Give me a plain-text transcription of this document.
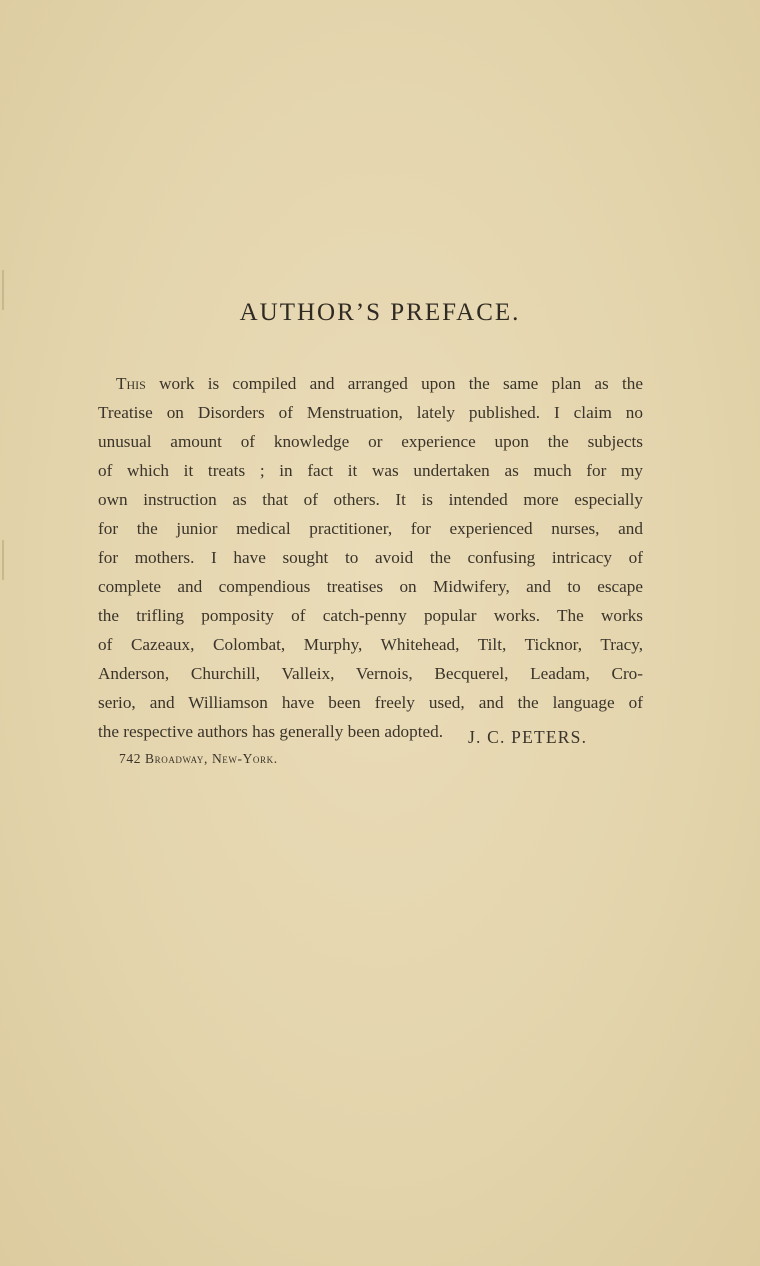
AUTHOR’S PREFACE.
This work is compiled and arranged upon the same plan as the
Treatise on Disorders of Menstruation, lately published. I claim no
unusual amount of knowledge or experience upon the subjects
of which it treats ; in fact it was undertaken as much for my
own instruction as that of others. It is intended more especially
for the junior medical practitioner, for experienced nurses, and
for mothers. I have sought to avoid the confusing intricacy of
complete and compendious treatises on Midwifery, and to escape
the trifling pomposity of catch-penny popular works. The works
of Cazeaux, Colombat, Murphy, Whitehead, Tilt, Ticknor, Tracy,
Anderson, Churchill, Valleix, Vernois, Becquerel, Leadam, Cro-
serio, and Williamson have been freely used, and the language of
the respective authors has generally been adopted.	J. C. PETERS.

742 Broadway, New-York.
